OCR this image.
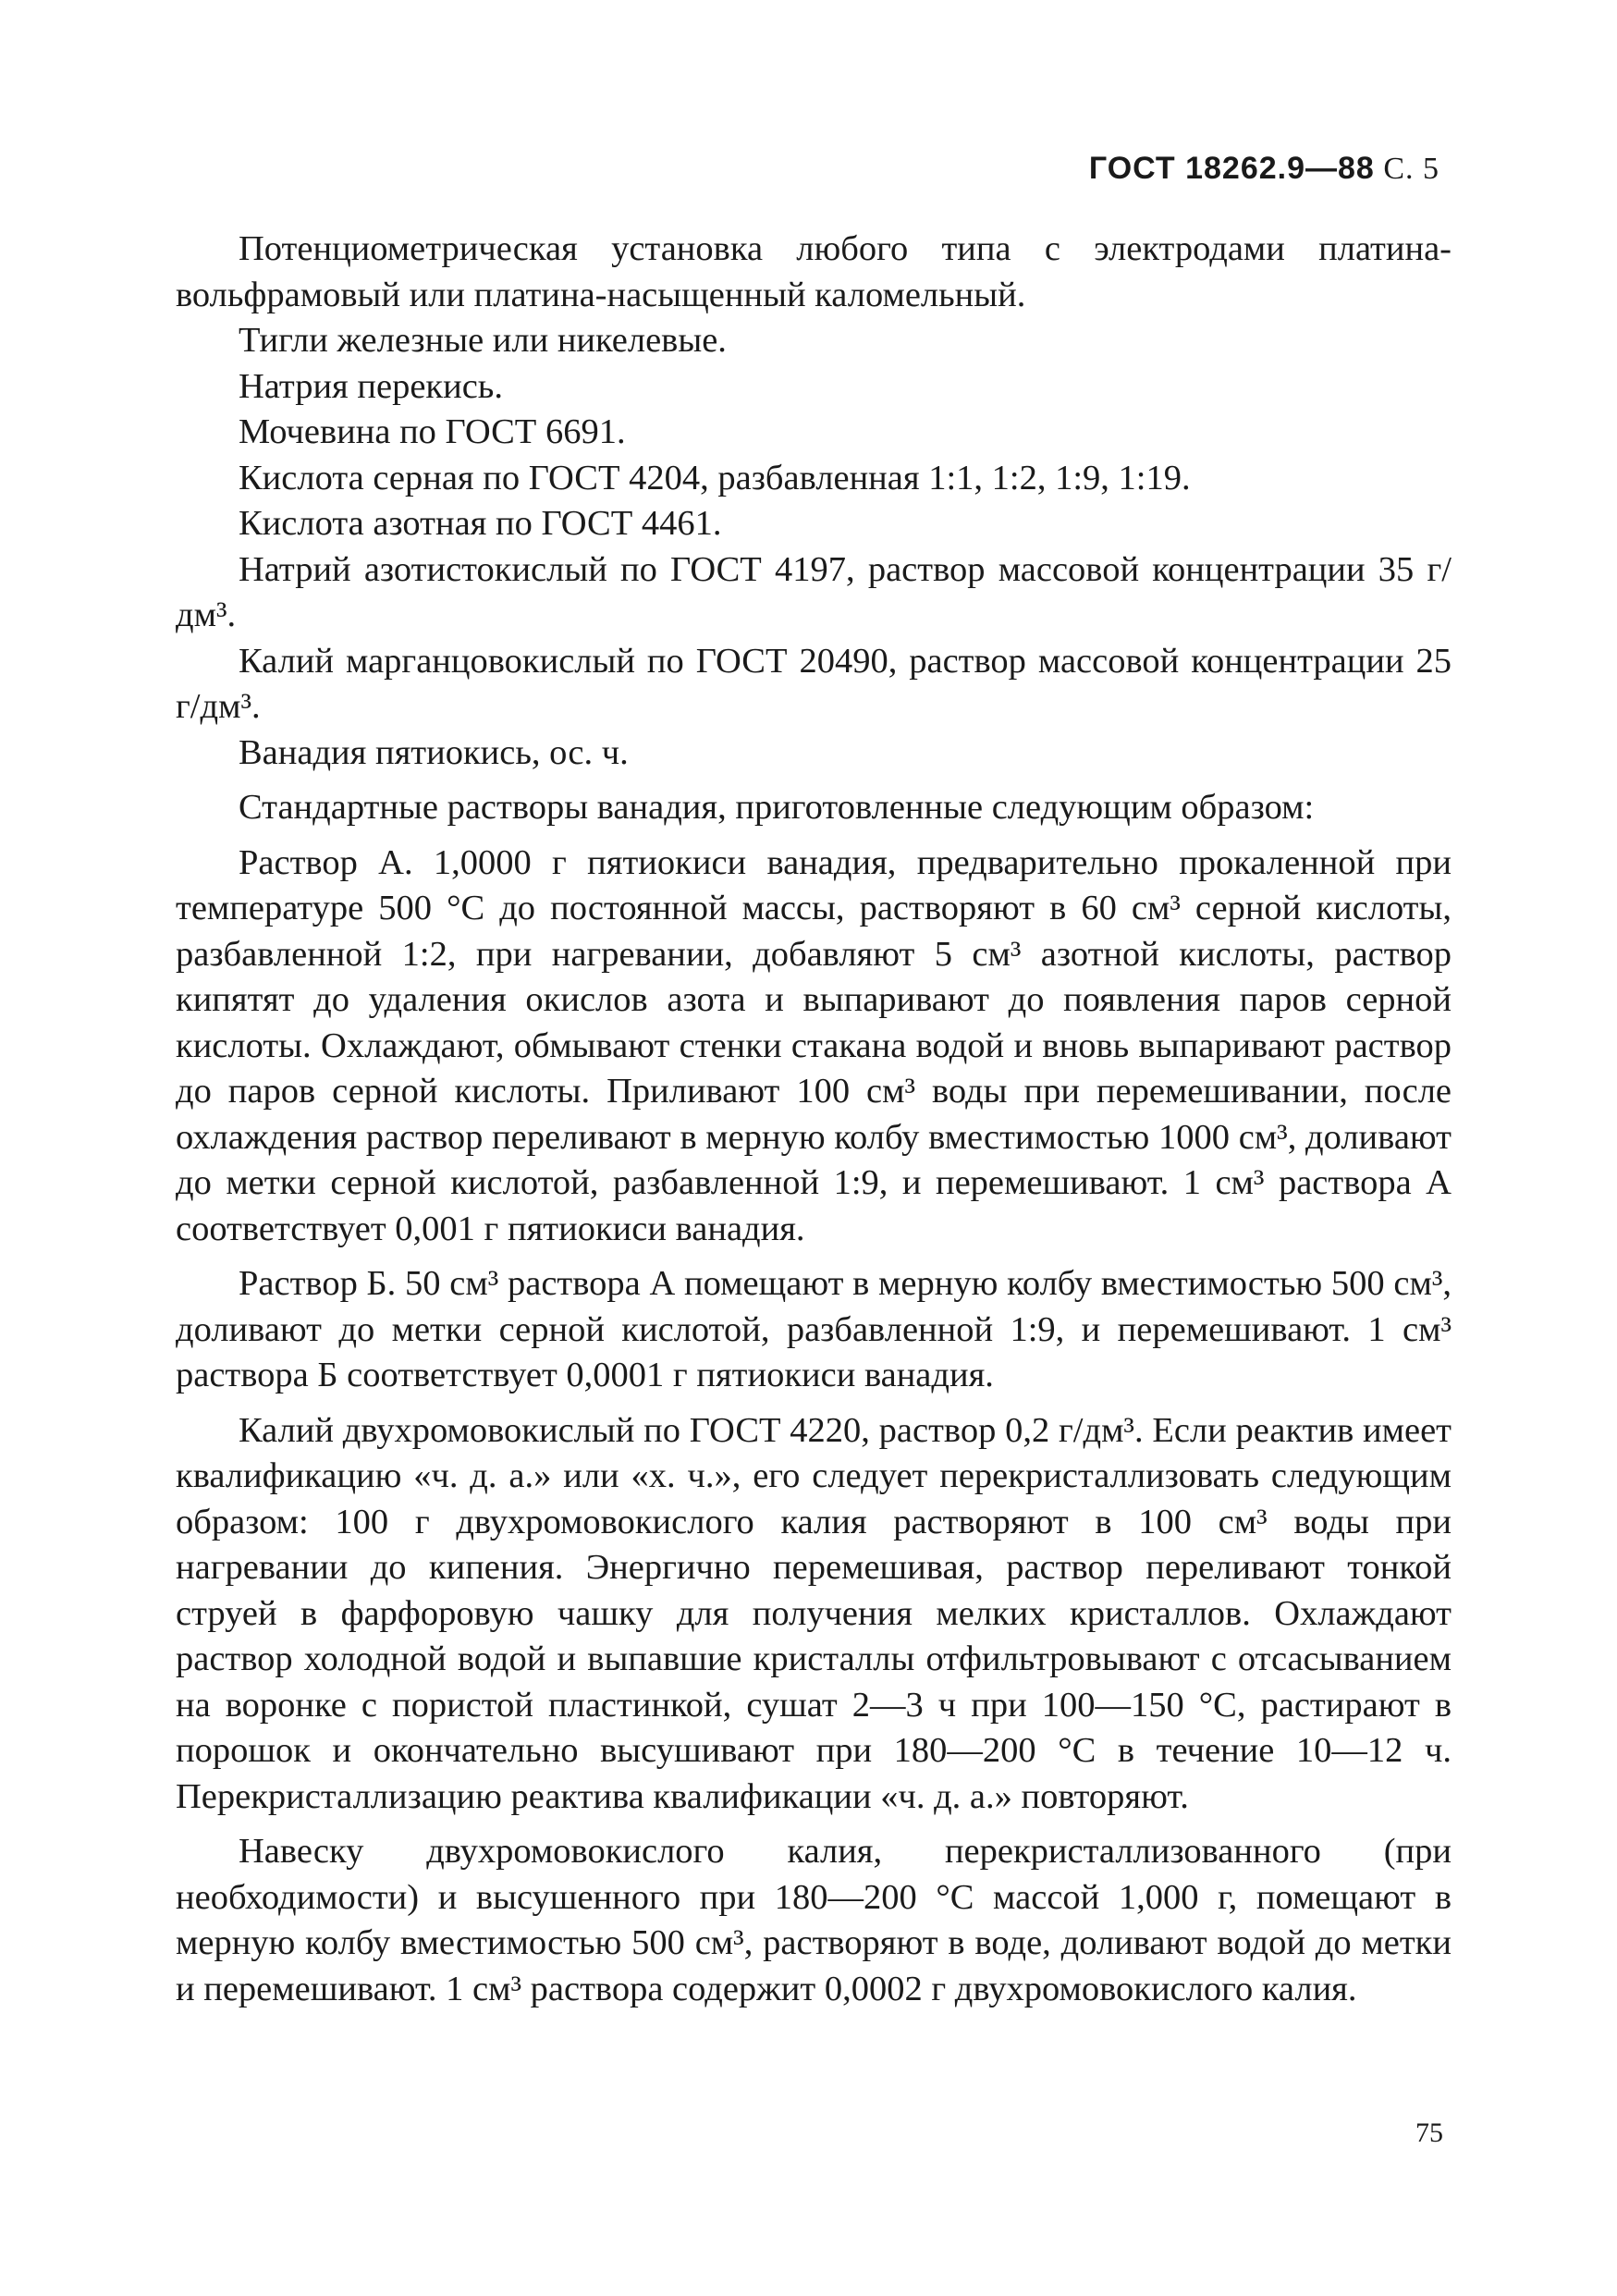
ГОСТ 18262.9—88 С. 5

Потенциометрическая установка любого типа с электродами платина-вольфрамовый или платина-насыщенный каломельный.

Тигли железные или никелевые.

Натрия перекись.

Мочевина по ГОСТ 6691.

Кислота серная по ГОСТ 4204, разбавленная 1:1, 1:2, 1:9, 1:19.

Кислота азотная по ГОСТ 4461.

Натрий азотистокислый по ГОСТ 4197, раствор массовой концентрации 35 г/дм³.

Калий марганцовокислый по ГОСТ 20490, раствор массовой концентрации 25 г/дм³.

Ванадия пятиокись, ос. ч.

Стандартные растворы ванадия, приготовленные следующим образом:

Раствор А. 1,0000 г пятиокиси ванадия, предварительно прокаленной при температуре 500 °С до постоянной массы, растворяют в 60 см³ серной кислоты, разбавленной 1:2, при нагревании, добавляют 5 см³ азотной кислоты, раствор кипятят до удаления окислов азота и выпаривают до появления паров серной кислоты. Охлаждают, обмывают стенки стакана водой и вновь выпаривают раствор до паров серной кислоты. Приливают 100 см³ воды при перемешивании, после охлаждения раствор переливают в мерную колбу вместимостью 1000 см³, доливают до метки серной кислотой, разбавленной 1:9, и перемешивают. 1 см³ раствора А соответствует 0,001 г пятиокиси ванадия.

Раствор Б. 50 см³ раствора А помещают в мерную колбу вместимостью 500 см³, доливают до метки серной кислотой, разбавленной 1:9, и перемешивают. 1 см³ раствора Б соответствует 0,0001 г пятиокиси ванадия.

Калий двухромовокислый по ГОСТ 4220, раствор 0,2 г/дм³. Если реактив имеет квалификацию «ч. д. а.» или «х. ч.», его следует перекристаллизовать следующим образом: 100 г двухромовокислого калия растворяют в 100 см³ воды при нагревании до кипения. Энергично перемешивая, раствор переливают тонкой струей в фарфоровую чашку для получения мелких кристаллов. Охлаждают раствор холодной водой и выпавшие кристаллы отфильтровывают с отсасыванием на воронке с пористой пластинкой, сушат 2—3 ч при 100—150 °С, растирают в порошок и окончательно высушивают при 180—200 °С в течение 10—12 ч. Перекристаллизацию реактива квалификации «ч. д. а.» повторяют.

Навеску двухромовокислого калия, перекристаллизованного (при необходимости) и высушенного при 180—200 °С массой 1,000 г, помещают в мерную колбу вместимостью 500 см³, растворяют в воде, доливают водой до метки и перемешивают. 1 см³ раствора содержит 0,0002 г двухромовокислого калия.

75
